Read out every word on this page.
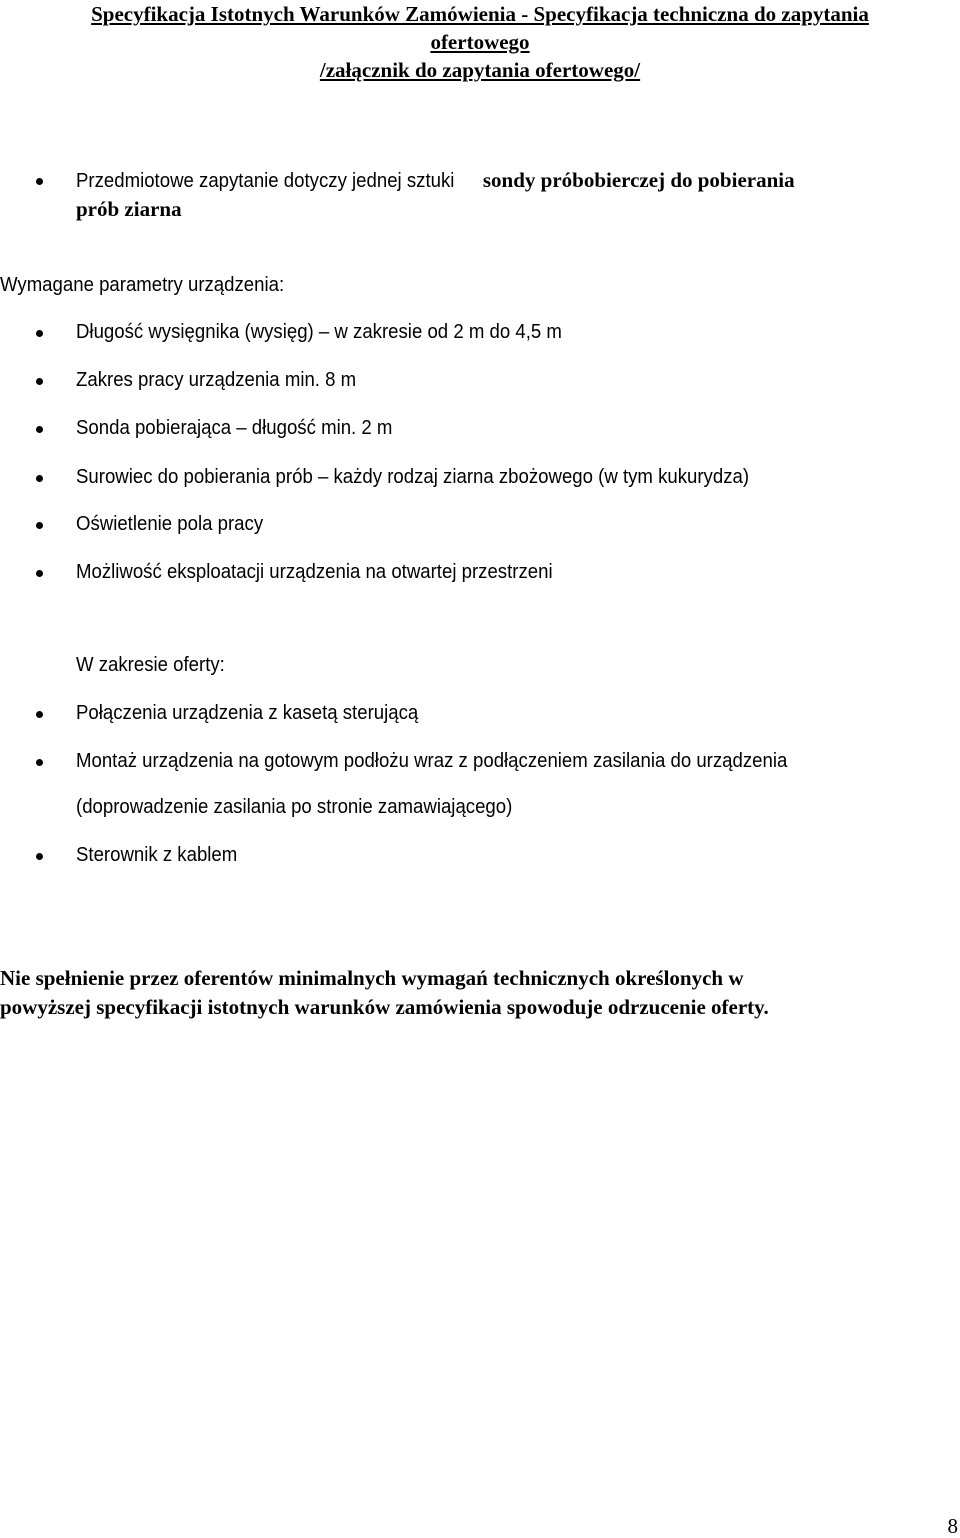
Specyfikacja Istotnych Warunków Zamówienia - Specyfikacja techniczna do zapytania
ofertowego
/załącznik do zapytania ofertowego/
Przedmiotowe zapytanie dotyczy jednej sztukisondy próbobierczej do pobierania
prób ziarna
Wymagane parametry urządzenia:
Długość wysięgnika (wysięg) – w zakresie od 2 m do 4,5 m
Zakres pracy urządzenia min. 8 m
Sonda pobierająca – długość min. 2 m
Surowiec do pobierania prób – każdy rodzaj ziarna zbożowego (w tym kukurydza)
Oświetlenie pola pracy
Możliwość eksploatacji urządzenia na otwartej przestrzeni
W zakresie oferty:
Połączenia urządzenia z kasetą sterującą
Montaż urządzenia na gotowym podłożu wraz z podłączeniem zasilania do urządzenia
(doprowadzenie zasilania po stronie zamawiającego)
Sterownik z kablem
Nie spełnienie przez oferentów minimalnych wymagań technicznych określonych w
powyższej specyfikacji istotnych warunków zamówienia spowoduje odrzucenie oferty.
8
